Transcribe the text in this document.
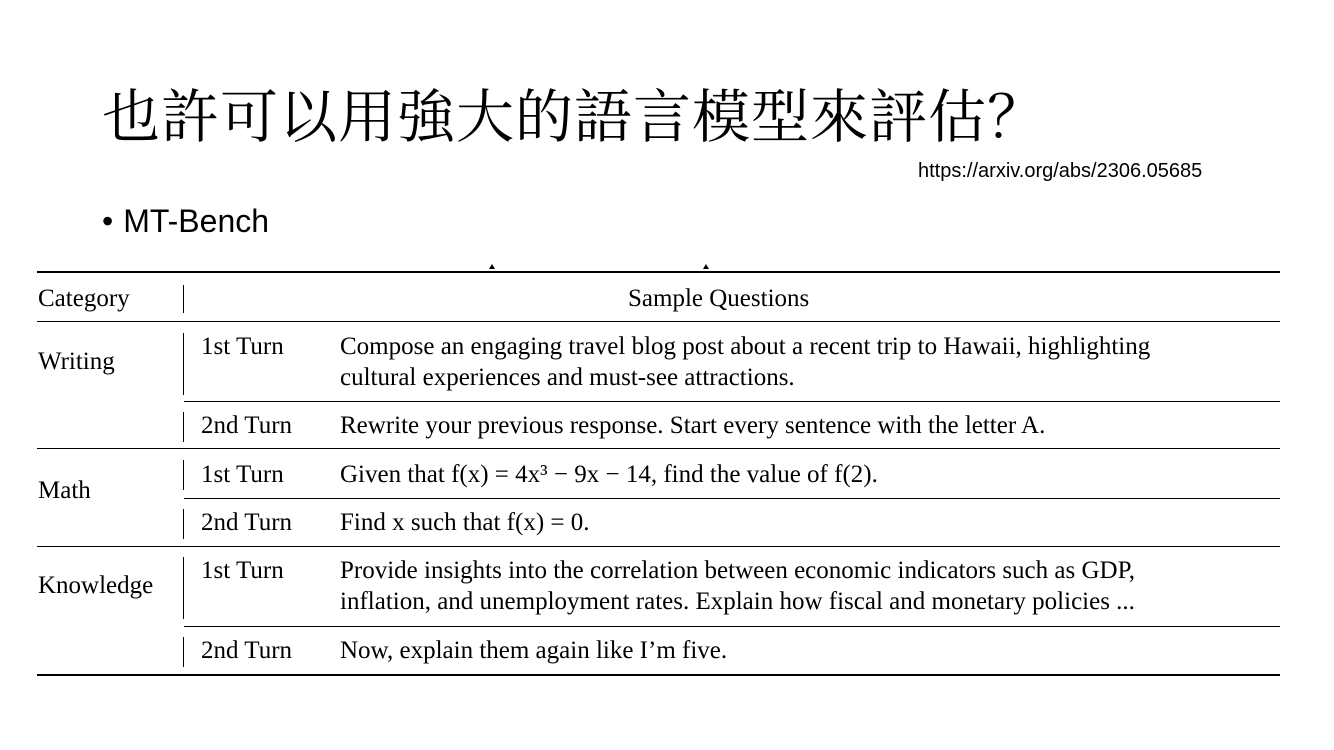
也許可以用強大的語言模型來評估？
https://arxiv.org/abs/2306.05685
• MT-Bench
Category	Sample Questions
Writing
1st Turn Compose an engaging travel blog post about a recent trip to Hawaii, highlighting
cultural experiences and must-see attractions.
2nd Turn Rewrite your previous response. Start every sentence with the letter A.
Math
1st Turn Given that f(x) = 4x³ − 9x − 14, find the value of f(2).
2nd Turn Find x such that f(x) = 0.
Knowledge
1st Turn Provide insights into the correlation between economic indicators such as GDP,
inflation, and unemployment rates. Explain how fiscal and monetary policies ...
2nd Turn Now, explain them again like I’m five.
